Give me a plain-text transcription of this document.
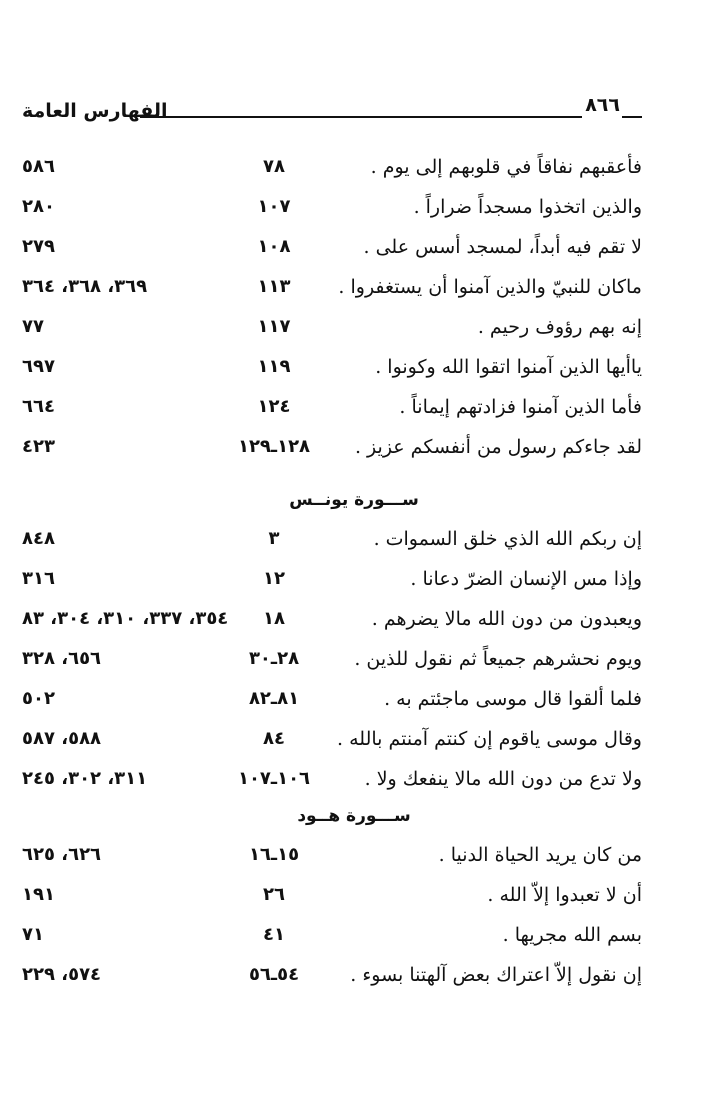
الفهارس العامة	٨٦٦
فأعقبهم نفاقاً في قلوبهم إلى يوم .
٧٨
٥٨٦
والذين اتخذوا مسجداً ضراراً .
١٠٧
٢٨٠
لا تقم فيه أبداً، لمسجد أسس على .
١٠٨
٢٧٩
ماكان للنبيّ والذين آمنوا أن يستغفروا .
١١٣
٣٦٩، ٣٦٨، ٣٦٤
إنه بهم رؤوف رحيم .
١١٧
٧٧
ياأيها الذين آمنوا اتقوا الله وكونوا .
١١٩
٦٩٧
فأما الذين آمنوا فزادتهم إيماناً .
١٢٤
٦٦٤
لقد جاءكم رسول من أنفسكم عزيز .
١٢٨ـ١٢٩
٤٢٣
ســـورة يونــس
إن ربكم الله الذي خلق السموات .
٣
٨٤٨
وإذا مس الإنسان الضرّ دعانا .
١٢
٣١٦
ويعبدون من دون الله مالا يضرهم .
١٨
٣٥٤، ٣٣٧، ٣١٠، ٣٠٤، ٨٣
ويوم نحشرهم جميعاً ثم نقول للذين .
٢٨ـ٣٠
٦٥٦، ٣٢٨
فلما ألقوا قال موسى ماجئتم به .
٨١ـ٨٢
٥٠٢
وقال موسى ياقوم إن كنتم آمنتم بالله .
٨٤
٥٨٨، ٥٨٧
ولا تدع من دون الله مالا ينفعك ولا .
١٠٦ـ١٠٧
٣١١، ٣٠٢، ٢٤٥
ســـورة هــود
من كان يريد الحياة الدنيا .
١٥ـ١٦
٦٢٦، ٦٢٥
أن لا تعبدوا إلاّ الله .
٢٦
١٩١
بسم الله مجريها .
٤١
٧١
إن نقول إلاّ اعتراك بعض آلهتنا بسوء .
٥٤ـ٥٦
٥٧٤، ٢٢٩
